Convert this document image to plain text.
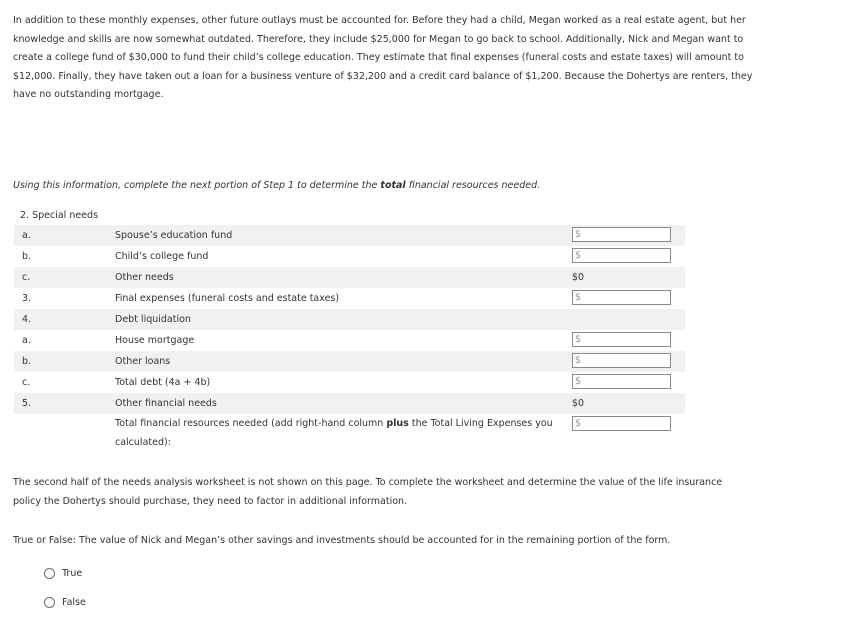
In addition to these monthly expenses, other future outlays must be accounted for. Before they had a child, Megan worked as a real estate agent, but her knowledge and skills are now somewhat outdated. Therefore, they include $25,000 for Megan to go back to school. Additionally, Nick and Megan want to create a college fund of $30,000 to fund their child’s college education. They estimate that final expenses (funeral costs and estate taxes) will amount to $12,000. Finally, they have taken out a loan for a business venture of $32,200 and a credit card balance of $1,200. Because the Dohertys are renters, they have no outstanding mortgage.

Using this information, complete the next portion of Step 1 to determine the total financial resources needed.

2. Special needs
a.	Spouse’s education fund	$
b.	Child’s college fund	$
c.	Other needs	$0
3.	Final expenses (funeral costs and estate taxes)	$
4.	Debt liquidation
a.	House mortgage	$
b.	Other loans	$
c.	Total debt (4a + 4b)	$
5.	Other financial needs	$0
Total financial resources needed (add right-hand column plus the Total Living Expenses you calculated):
$

The second half of the needs analysis worksheet is not shown on this page. To complete the worksheet and determine the value of the life insurance policy the Dohertys should purchase, they need to factor in additional information.

True or False: The value of Nick and Megan’s other savings and investments should be accounted for in the remaining portion of the form.

True
False
